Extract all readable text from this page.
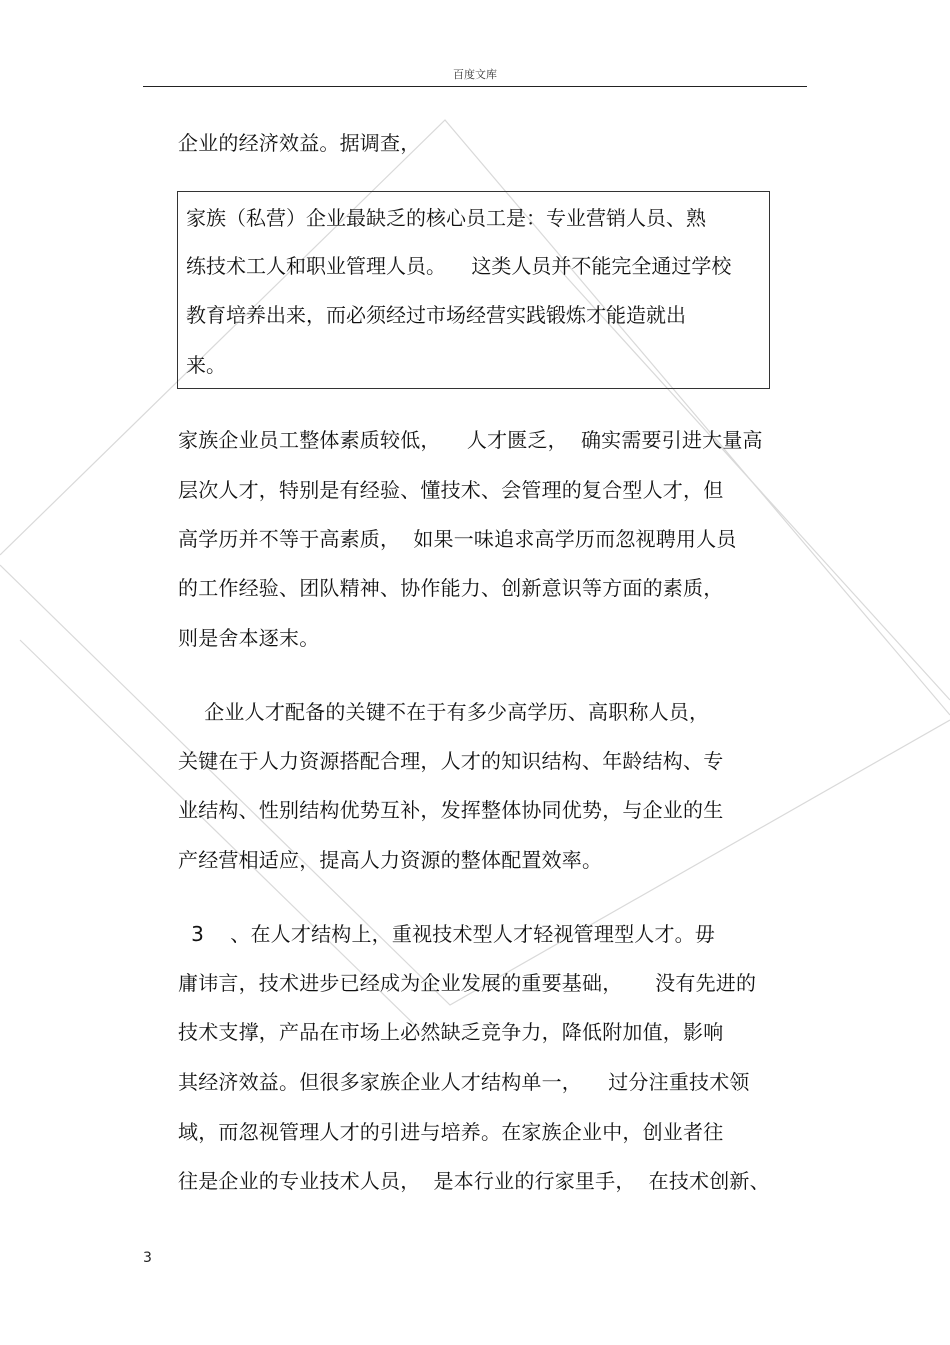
百度文库
企业的经济效益。据调查，
家族（私营）企业最缺乏的核心员工是：专业营销人员、熟
练技术工人和职业管理人员。    这类人员并不能完全通过学校
教育培养出来，而必须经过市场经营实践锻炼才能造就出
来。
家族企业员工整体素质较低，    人才匮乏，  确实需要引进大量高
层次人才，特别是有经验、懂技术、会管理的复合型人才，但
高学历并不等于高素质，  如果一味追求高学历而忽视聘用人员
的工作经验、团队精神、协作能力、创新意识等方面的素质，
则是舍本逐末。
企业人才配备的关键不在于有多少高学历、高职称人员，
关键在于人力资源搭配合理，人才的知识结构、年龄结构、专
业结构、性别结构优势互补，发挥整体协同优势，与企业的生
产经营相适应，提高人力资源的整体配置效率。
3    、在人才结构上，重视技术型人才轻视管理型人才。毋
庸讳言，技术进步已经成为企业发展的重要基础，     没有先进的
技术支撑，产品在市场上必然缺乏竞争力，降低附加值，影响
其经济效益。但很多家族企业人才结构单一，    过分注重技术领
域，而忽视管理人才的引进与培养。在家族企业中，创业者往
往是企业的专业技术人员，  是本行业的行家里手，  在技术创新、
3
